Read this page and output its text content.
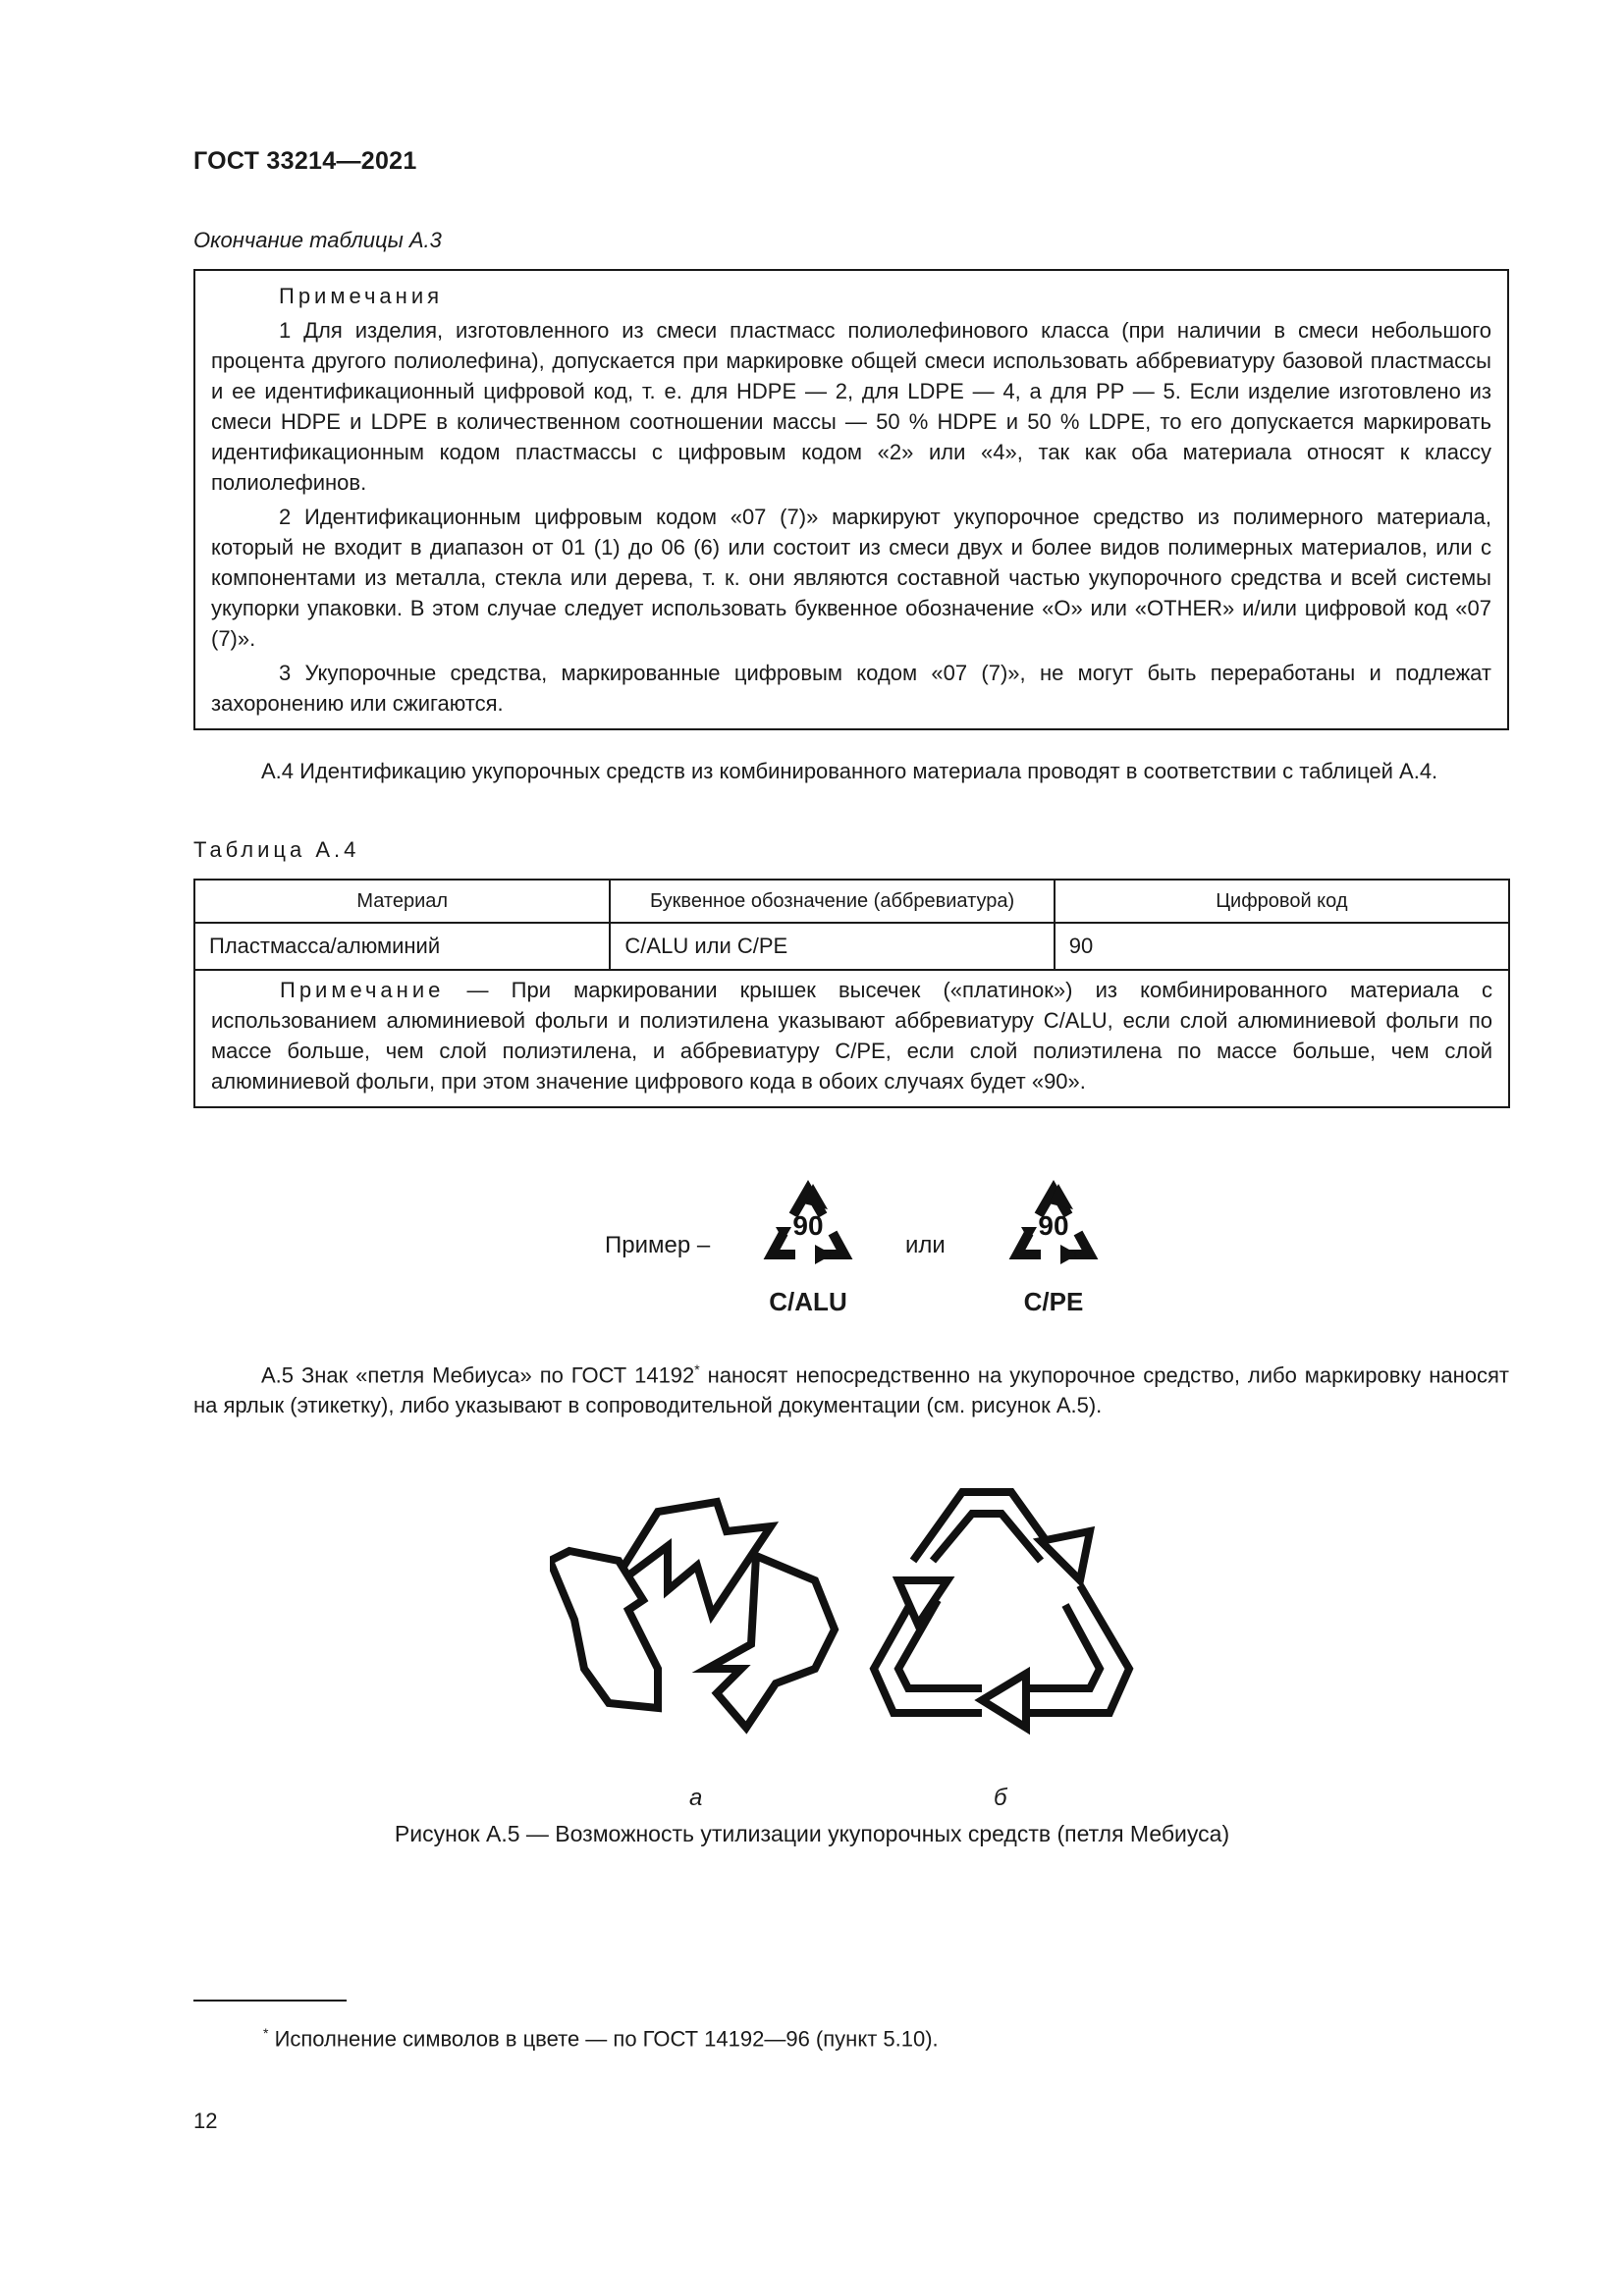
ГОСТ 33214—2021
Окончание таблицы А.3

Примечания

1 Для изделия, изготовленного из смеси пластмасс полиолефинового класса (при наличии в смеси небольшого процента другого полиолефина), допускается при маркировке общей смеси использовать аббревиатуру базовой пластмассы и ее идентификационный цифровой код, т. е. для HDPE — 2, для LDPE — 4, а для PP — 5. Если изделие изготовлено из смеси HDPE и LDPE в количественном соотношении массы — 50 % HDPE и 50 % LDPE, то его допускается маркировать идентификационным кодом пластмассы с цифровым кодом «2» или «4», так как оба материала относят к классу полиолефинов.

2 Идентификационным цифровым кодом «07 (7)» маркируют укупорочное средство из полимерного материала, который не входит в диапазон от 01 (1) до 06 (6) или состоит из смеси двух и более видов полимерных материалов, или с компонентами из металла, стекла или дерева, т. к. они являются составной частью укупорочного средства и всей системы укупорки упаковки. В этом случае следует использовать буквенное обозначение «О» или «OTHER» и/или цифровой код «07 (7)».

3 Укупорочные средства, маркированные цифровым кодом «07 (7)», не могут быть переработаны и подлежат захоронению или сжигаются.

А.4 Идентификацию укупорочных средств из комбинированного материала проводят в соответствии с таблицей А.4.
Таблица А.4
Материал	Буквенное обозначение (аббревиатура)	Цифровой код
Пластмасса/алюминий	C/ALU или C/PE	90
Примечание — При маркировании крышек высечек («платинок») из комбинированного материала с использованием алюминиевой фольги и полиэтилена указывают аббревиатуру C/ALU, если слой алюминиевой фольги по массе больше, чем слой полиэтилена, и аббревиатуру C/PE, если слой полиэтилена по массе больше, чем слой алюминиевой фольги, при этом значение цифрового кода в обоих случаях будет «90».		
Пример –	или
90
C/ALU
90
C/PE
А.5 Знак «петля Мебиуса» по ГОСТ 14192* наносят непосредственно на укупорочное средство, либо маркировку наносят на ярлык (этикетку), либо указывают в сопроводительной документации (см. рисунок А.5).
а	б
Рисунок А.5 — Возможность утилизации укупорочных средств (петля Мебиуса)
* Исполнение символов в цвете — по ГОСТ 14192—96 (пункт 5.10).
12
